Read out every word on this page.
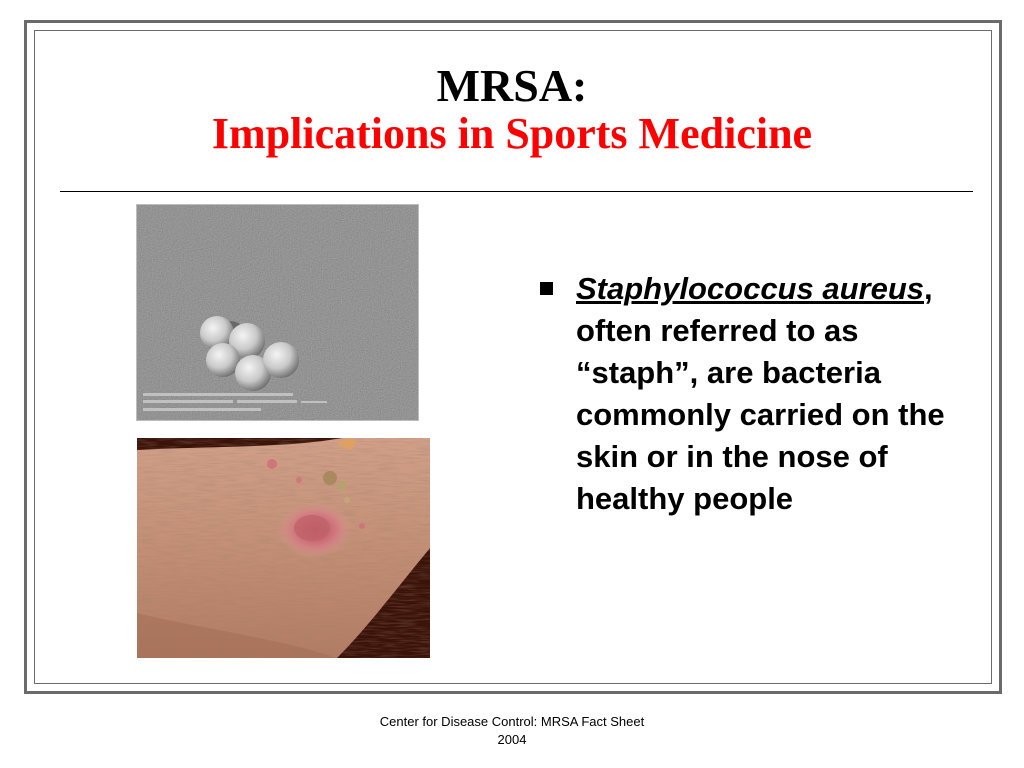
MRSA:
Implications in Sports Medicine
Staphylococcus aureus, often referred to as “staph”, are bacteria commonly carried on the skin or in the nose of healthy people
Center for Disease Control: MRSA Fact Sheet
2004
